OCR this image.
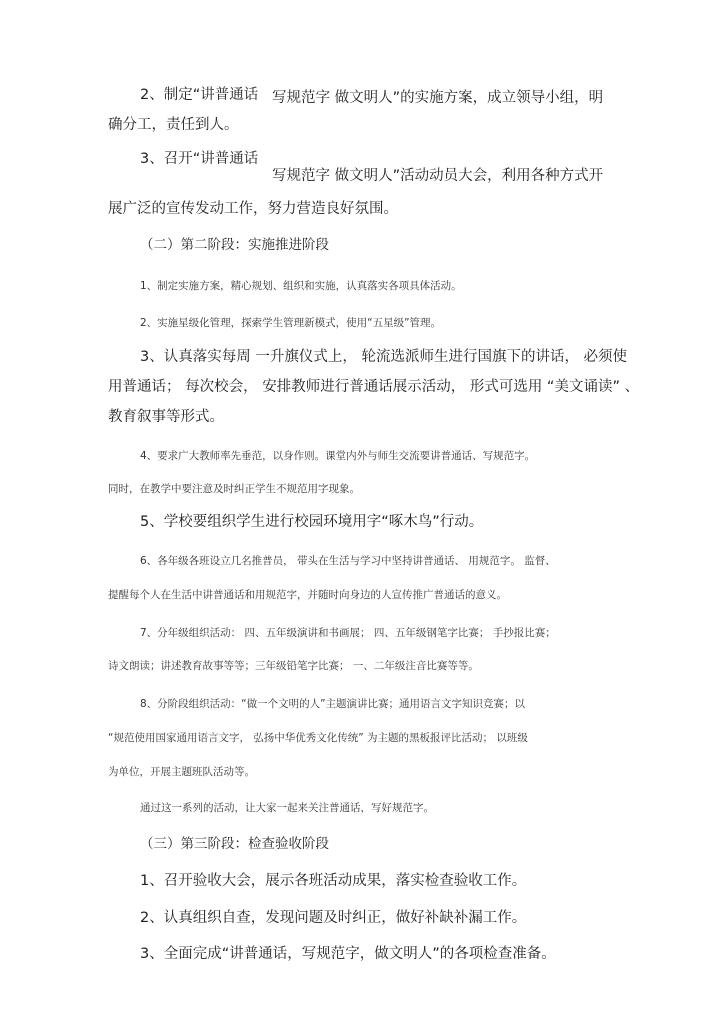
2、制定“讲普通话 写规范字 做文明人”的实施方案，成立领导小组，明
确分工，责任到人。
3、召开“讲普通话
写规范字 做文明人”活动动员大会，利用各种方式开
展广泛的宣传发动工作，努力营造良好氛围。
（二）第二阶段：实施推进阶段
1、制定实施方案，精心规划、组织和实施，认真落实各项具体活动。
2、实施星级化管理，探索学生管理新模式，使用“五星级”管理。
3、认真落实每周 一升旗仪式上， 轮流选派师生进行国旗下的讲话， 必须使
用普通话； 每次校会， 安排教师进行普通话展示活动， 形式可选用 “美文诵读” 、
教育叙事等形式。
4、要求广大教师率先垂范，以身作则。课堂内外与师生交流要讲普通话、写规范字。
同时，在教学中要注意及时纠正学生不规范用字现象。
5、学校要组织学生进行校园环境用字“啄木鸟”行动。
6、各年级各班设立几名推普员， 带头在生活与学习中坚持讲普通话、 用规范字。 监督、
提醒每个人在生活中讲普通话和用规范字，并随时向身边的人宣传推广普通话的意义。
7、分年级组织活动： 四、五年级演讲和书画展； 四、五年级钢笔字比赛； 手抄报比赛；
诗文朗读；讲述教育故事等等；三年级铅笔字比赛； 一、二年级注音比赛等等。
8、分阶段组织活动：“做一个文明的人”主题演讲比赛；通用语言文字知识竞赛；以
“规范使用国家通用语言文字， 弘扬中华优秀文化传统” 为主题的黑板报评比活动； 以班级
为单位，开展主题班队活动等。
通过这一系列的活动，让大家一起来关注普通话，写好规范字。
（三）第三阶段：检查验收阶段
1、召开验收大会，展示各班活动成果，落实检查验收工作。
2、认真组织自查，发现问题及时纠正，做好补缺补漏工作。
3、全面完成“讲普通话，写规范字，做文明人”的各项检查准备。
